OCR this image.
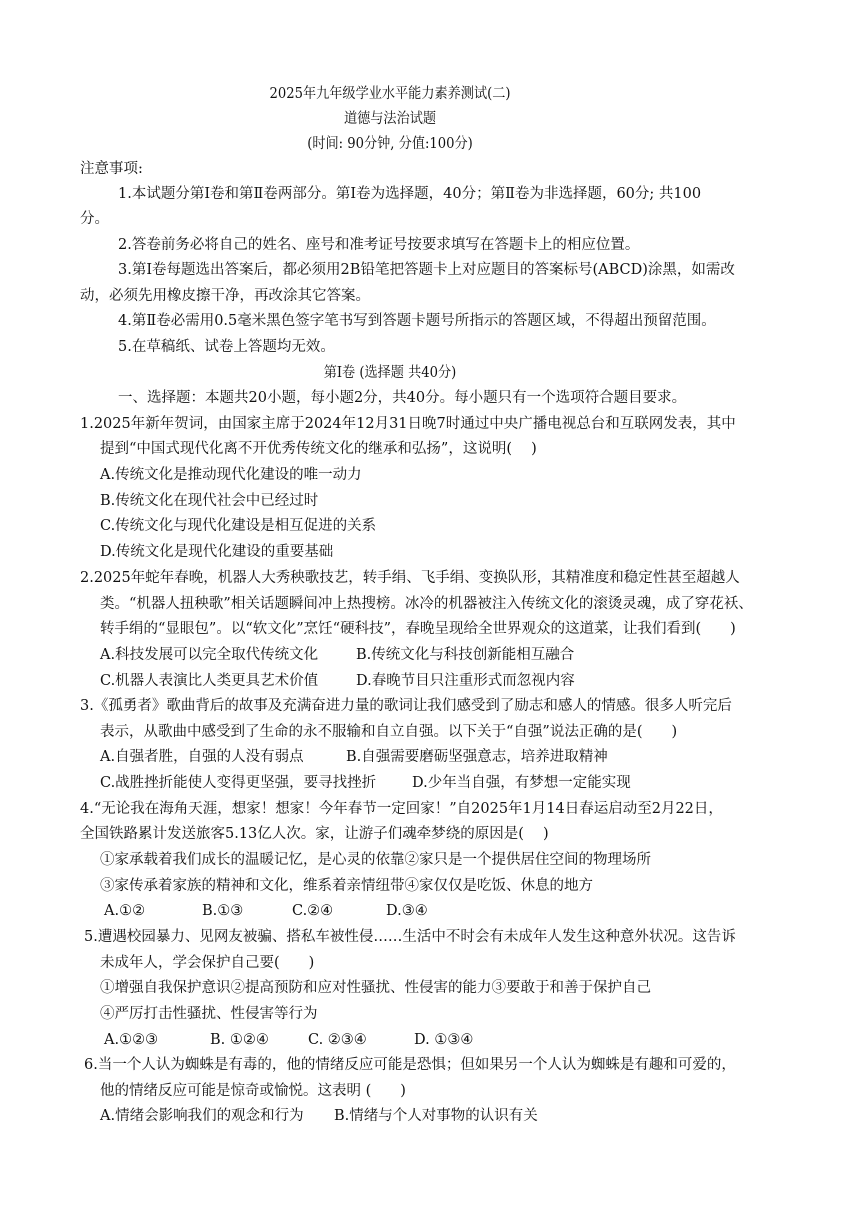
2025年九年级学业水平能力素养测试(二)
道德与法治试题
(时间: 90分钟, 分值:100分)
注意事项:
1.本试题分第Ⅰ卷和第Ⅱ卷两部分。第Ⅰ卷为选择题，40分；第Ⅱ卷为非选择题，60分; 共100
分。
2.答卷前务必将自己的姓名、座号和准考证号按要求填写在答题卡上的相应位置。
3.第Ⅰ卷每题选出答案后，都必须用2B铅笔把答题卡上对应题目的答案标号(ABCD)涂黑，如需改
动，必须先用橡皮擦干净，再改涂其它答案。
4.第Ⅱ卷必需用0.5毫米黑色签字笔书写到答题卡题号所指示的答题区域，不得超出预留范围。
5.在草稿纸、试卷上答题均无效。
第Ⅰ卷 (选择题 共40分)
一、选择题：本题共20小题，每小题2分，共40分。每小题只有一个选项符合题目要求。
1.2025年新年贺词，由国家主席于2024年12月31日晚7时通过中央广播电视总台和互联网发表，其中
提到“中国式现代化离不开优秀传统文化的继承和弘扬”，这说明(　 )
A.传统文化是推动现代化建设的唯一动力
B.传统文化在现代社会中已经过时
C.传统文化与现代化建设是相互促进的关系
D.传统文化是现代化建设的重要基础
2.2025年蛇年春晚，机器人大秀秧歌技艺，转手绢、飞手绢、变换队形，其精准度和稳定性甚至超越人
类。“机器人扭秧歌”相关话题瞬间冲上热搜榜。冰冷的机器被注入传统文化的滚烫灵魂，成了穿花袄、
转手绢的“显眼包”。以“软文化”烹饪“硬科技”，春晚呈现给全世界观众的这道菜，让我们看到(　　)
A.科技发展可以完全取代传统文化	B.传统文化与科技创新能相互融合
C.机器人表演比人类更具艺术价值	D.春晚节目只注重形式而忽视内容
3.《孤勇者》歌曲背后的故事及充满奋进力量的歌词让我们感受到了励志和感人的情感。很多人听完后
表示，从歌曲中感受到了生命的永不服输和自立自强。以下关于“自强”说法正确的是(　　)
A.自强者胜，自强的人没有弱点	B.自强需要磨砺坚强意志，培养进取精神
C.战胜挫折能使人变得更坚强，要寻找挫折 D.少年当自强，有梦想一定能实现
4.“无论我在海角天涯，想家！想家！今年春节一定回家！”自2025年1月14日春运启动至2月22日，
全国铁路累计发送旅客5.13亿人次。家，让游子们魂牵梦绕的原因是(　 )
①家承载着我们成长的温暖记忆，是心灵的依靠②家只是一个提供居住空间的物理场所
③家传承着家族的精神和文化，维系着亲情纽带④家仅仅是吃饭、休息的地方
A.①②	B.①③	C.②④	D.③④
5.遭遇校园暴力、见网友被骗、搭私车被性侵……生活中不时会有未成年人发生这种意外状况。这告诉
未成年人，学会保护自己要(　　)
①增强自我保护意识②提高预防和应对性骚扰、性侵害的能力③要敢于和善于保护自己
④严厉打击性骚扰、性侵害等行为
A.①②③	B. ①②④	C. ②③④	D. ①③④
6.当一个人认为蜘蛛是有毒的，他的情绪反应可能是恐惧；但如果另一个人认为蜘蛛是有趣和可爱的，
他的情绪反应可能是惊奇或愉悦。这表明 (　　)
A.情绪会影响我们的观念和行为 B.情绪与个人对事物的认识有关
